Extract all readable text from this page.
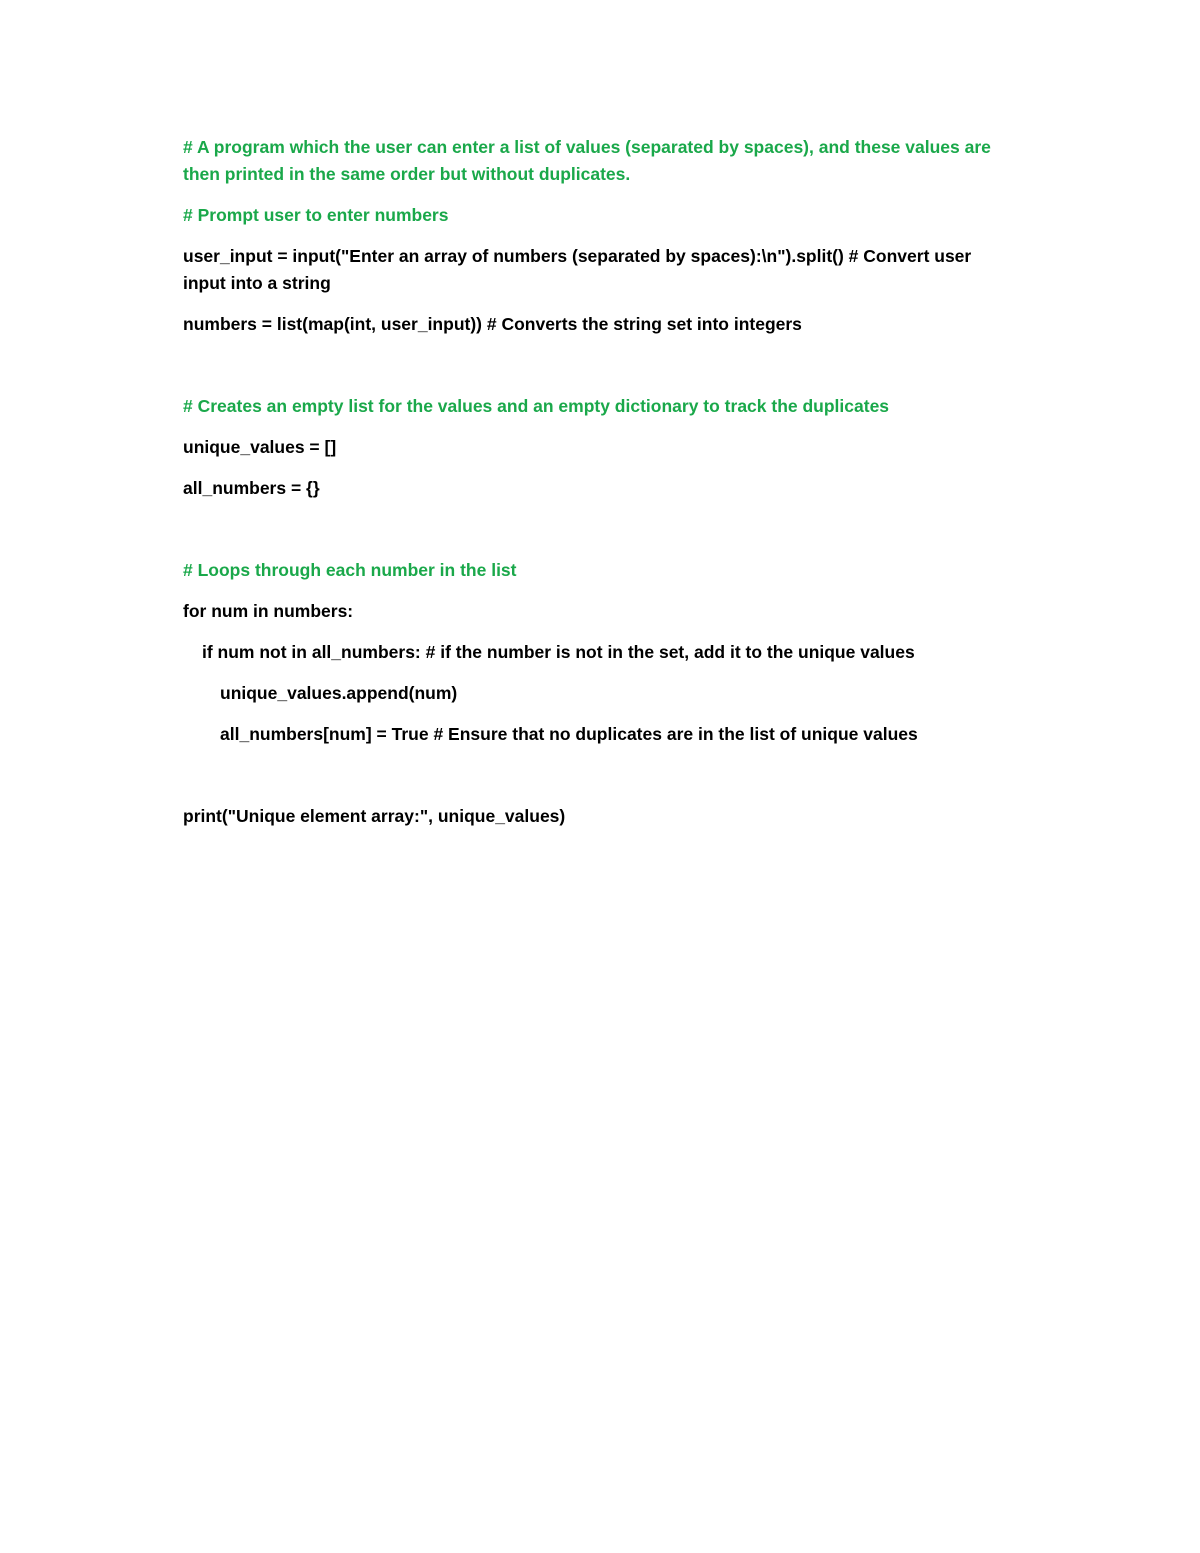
# A program which the user can enter a list of values (separated by spaces), and these values are then printed in the same order but without duplicates.

# Prompt user to enter numbers

user_input = input("Enter an array of numbers (separated by spaces):\n").split() # Convert user input into a string

numbers = list(map(int, user_input)) # Converts the string set into integers

# Creates an empty list for the values and an empty dictionary to track the duplicates

unique_values = []

all_numbers = {}

# Loops through each number in the list

for num in numbers:

if num not in all_numbers: # if the number is not in the set, add it to the unique values

unique_values.append(num)

all_numbers[num] = True # Ensure that no duplicates are in the list of unique values

print("Unique element array:", unique_values)
